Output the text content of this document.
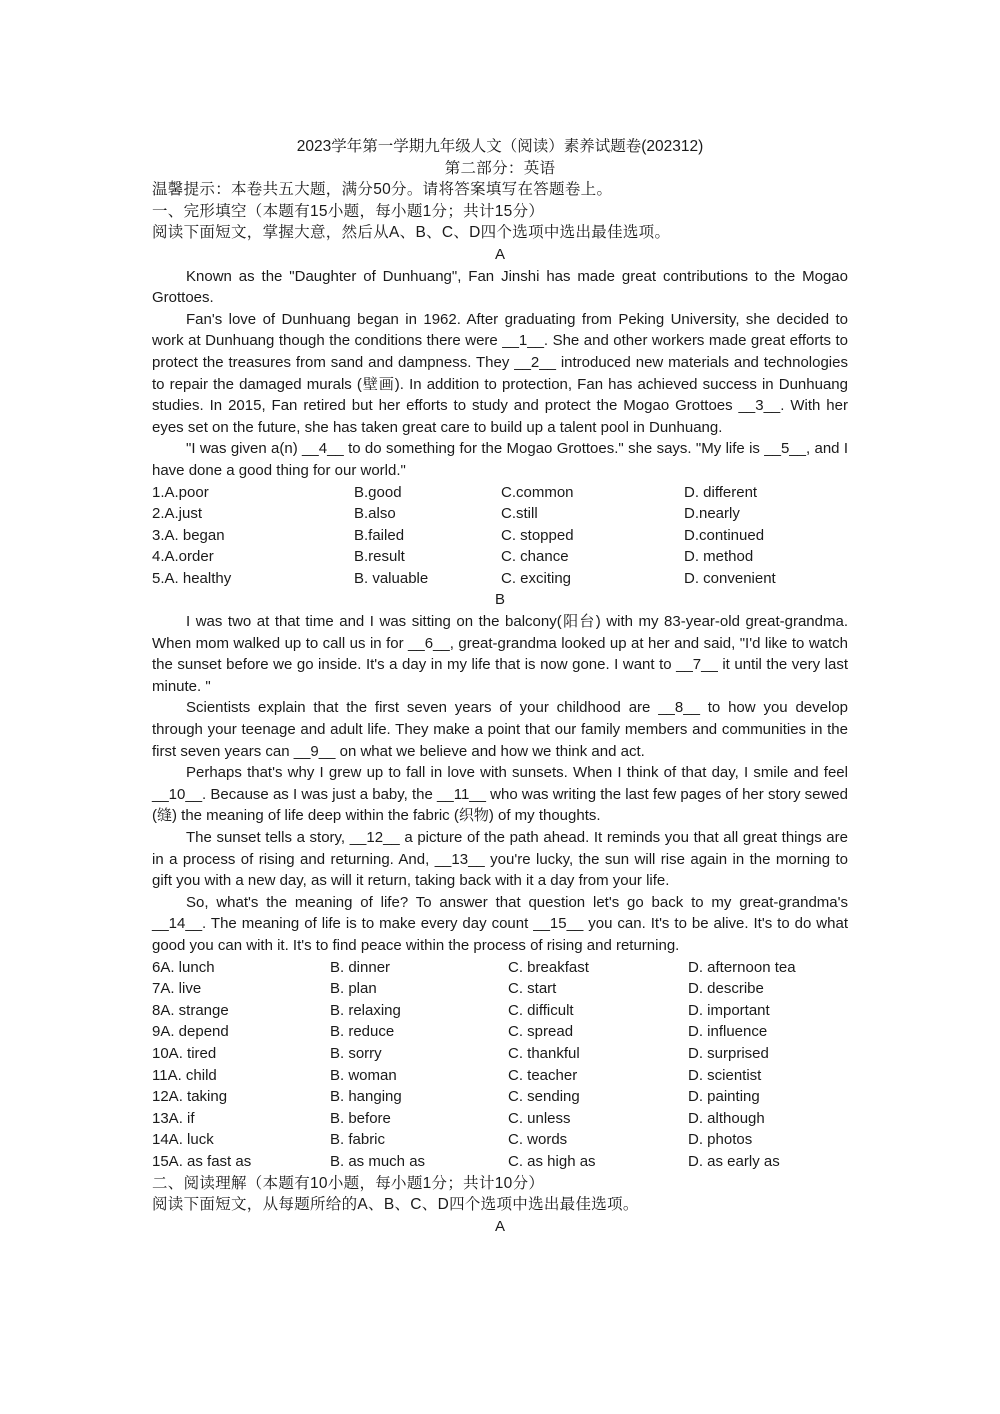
2023学年第一学期九年级人文（阅读）素养试题卷(202312)
第二部分：英语
温馨提示：本卷共五大题，满分50分。请将答案填写在答题卷上。
一、完形填空（本题有15小题，每小题1分；共计15分）
阅读下面短文，掌握大意，然后从A、B、C、D四个选项中选出最佳选项。
A

Known as the "Daughter of Dunhuang", Fan Jinshi has made great contributions to the Mogao Grottoes.

Fan's love of Dunhuang began in 1962. After graduating from Peking University, she decided to work at Dunhuang though the conditions there were __1__. She and other workers made great efforts to protect the treasures from sand and dampness. They __2__ introduced new materials and technologies to repair the damaged murals (壁画). In addition to protection, Fan has achieved success in Dunhuang studies. In 2015, Fan retired but her efforts to study and protect the Mogao Grottoes __3__. With her eyes set on the future, she has taken great care to build up a talent pool in Dunhuang.

"I was given a(n) __4__ to do something for the Mogao Grottoes." she says. "My life is __5__, and I have done a good thing for our world."

1.A.poor	B.good	C.common	D. different
2.A.just	B.also	C.still	D.nearly
3.A. began	B.failed	C. stopped	D.continued
4.A.order	B.result	C. chance	D. method
5.A. healthy	B. valuable	C. exciting	D. convenient
B

I was two at that time and I was sitting on the balcony(阳台) with my 83-year-old great-grandma. When mom walked up to call us in for __6__, great-grandma looked up at her and said, "I'd like to watch the sunset before we go inside. It's a day in my life that is now gone. I want to __7__ it until the very last minute. "

Scientists explain that the first seven years of your childhood are __8__ to how you develop through your teenage and adult life. They make a point that our family members and communities in the first seven years can __9__ on what we believe and how we think and act.

Perhaps that's why I grew up to fall in love with sunsets. When I think of that day, I smile and feel __10__. Because as I was just a baby, the __11__ who was writing the last few pages of her story sewed (缝) the meaning of life deep within the fabric (织物) of my thoughts.

The sunset tells a story, __12__ a picture of the path ahead. It reminds you that all great things are in a process of rising and returning. And, __13__ you're lucky, the sun will rise again in the morning to gift you with a new day, as will it return, taking back with it a day from your life.

So, what's the meaning of life? To answer that question let's go back to my great-grandma's __14__. The meaning of life is to make every day count __15__ you can. It's to be alive. It's to do what good you can with it. It's to find peace within the process of rising and returning.

6A. lunch	B. dinner	C. breakfast	D. afternoon tea
7A. live	B. plan	C. start	D. describe
8A. strange	B. relaxing	C. difficult	D. important
9A. depend	B. reduce	C. spread	D. influence
10A. tired	B. sorry	C. thankful	D. surprised
11A. child	B. woman	C. teacher	D. scientist
12A. taking	B. hanging	C. sending	D. painting
13A. if	B. before	C. unless	D. although
14A. luck	B. fabric	C. words	D. photos
15A. as fast as	B. as much as	C. as high as	D. as early as
二、阅读理解（本题有10小题，每小题1分；共计10分）
阅读下面短文，从每题所给的A、B、C、D四个选项中选出最佳选项。
A
